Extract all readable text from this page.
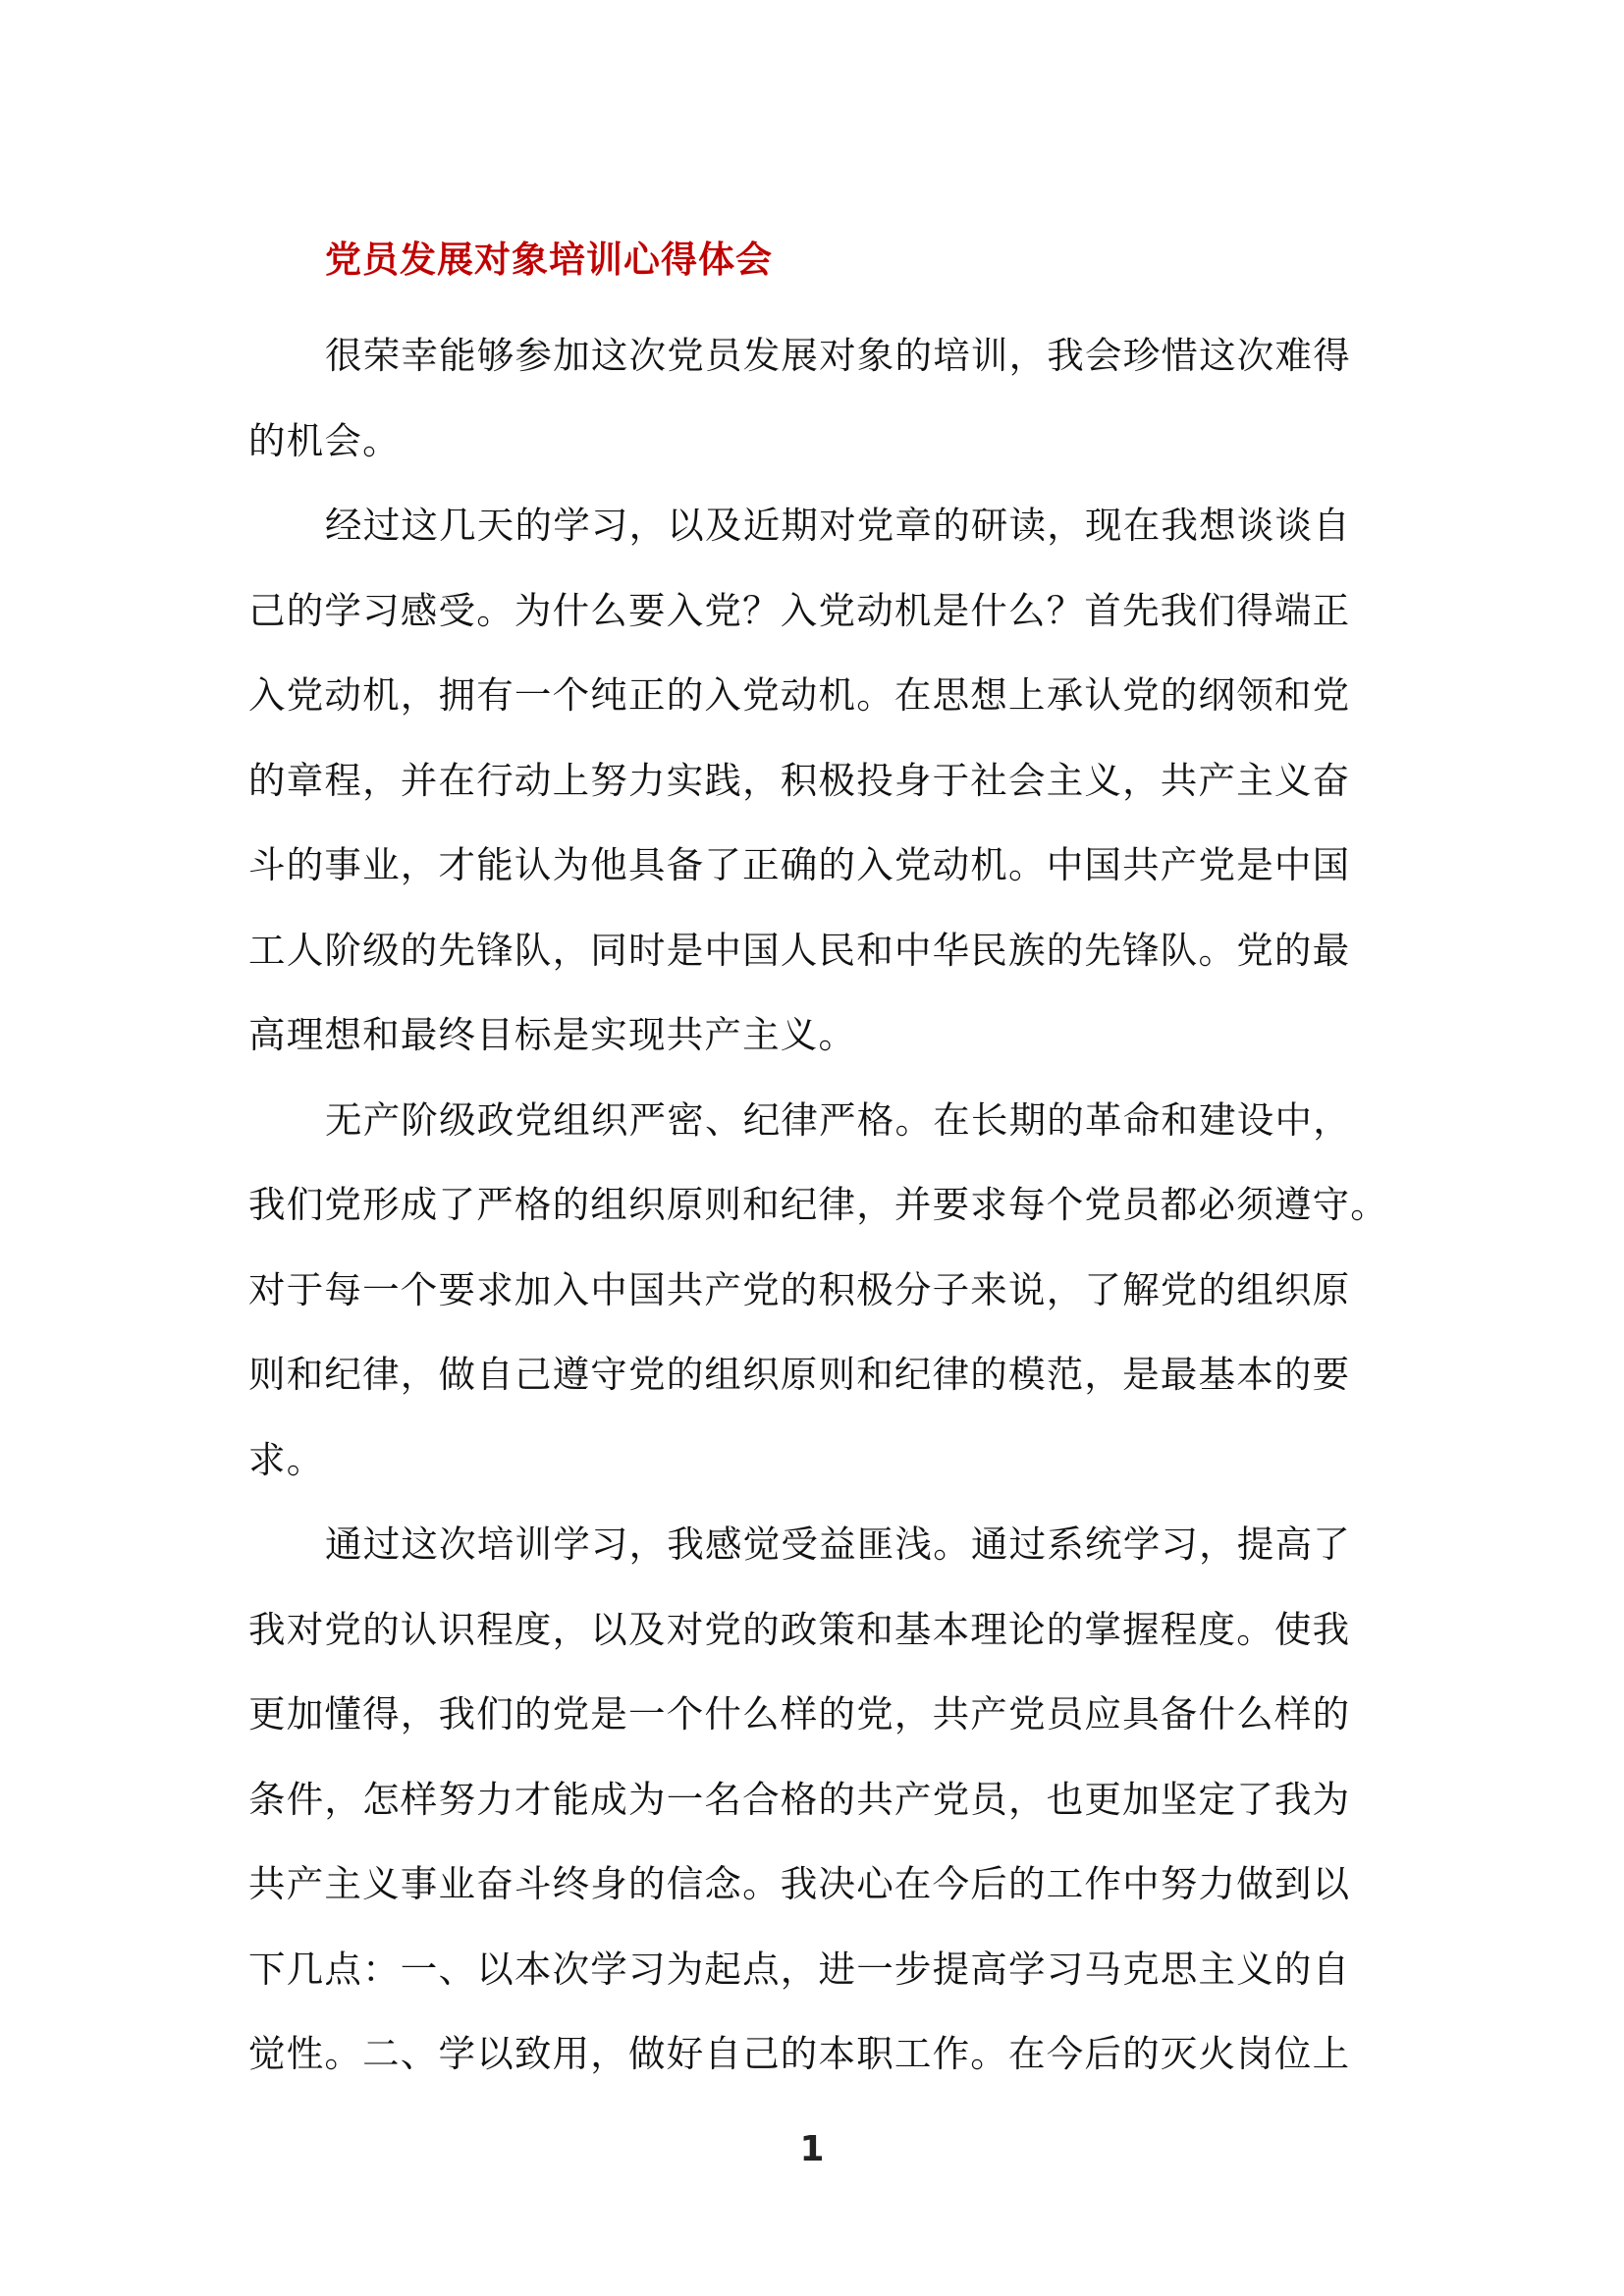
党员发展对象培训心得体会

很荣幸能够参加这次党员发展对象的培训，我会珍惜这次难得
的机会。

经过这几天的学习，以及近期对党章的研读，现在我想谈谈自
己的学习感受。为什么要入党？入党动机是什么？首先我们得端正
入党动机，拥有一个纯正的入党动机。在思想上承认党的纲领和党
的章程，并在行动上努力实践，积极投身于社会主义，共产主义奋
斗的事业，才能认为他具备了正确的入党动机。中国共产党是中国
工人阶级的先锋队，同时是中国人民和中华民族的先锋队。党的最
高理想和最终目标是实现共产主义。

无产阶级政党组织严密、纪律严格。在长期的革命和建设中，
我们党形成了严格的组织原则和纪律，并要求每个党员都必须遵守。
对于每一个要求加入中国共产党的积极分子来说，了解党的组织原
则和纪律，做自己遵守党的组织原则和纪律的模范，是最基本的要
求。

通过这次培训学习，我感觉受益匪浅。通过系统学习，提高了
我对党的认识程度，以及对党的政策和基本理论的掌握程度。使我
更加懂得，我们的党是一个什么样的党，共产党员应具备什么样的
条件，怎样努力才能成为一名合格的共产党员，也更加坚定了我为
共产主义事业奋斗终身的信念。我决心在今后的工作中努力做到以
下几点：一、以本次学习为起点，进一步提高学习马克思主义的自
觉性。二、学以致用，做好自己的本职工作。在今后的灭火岗位上

1
